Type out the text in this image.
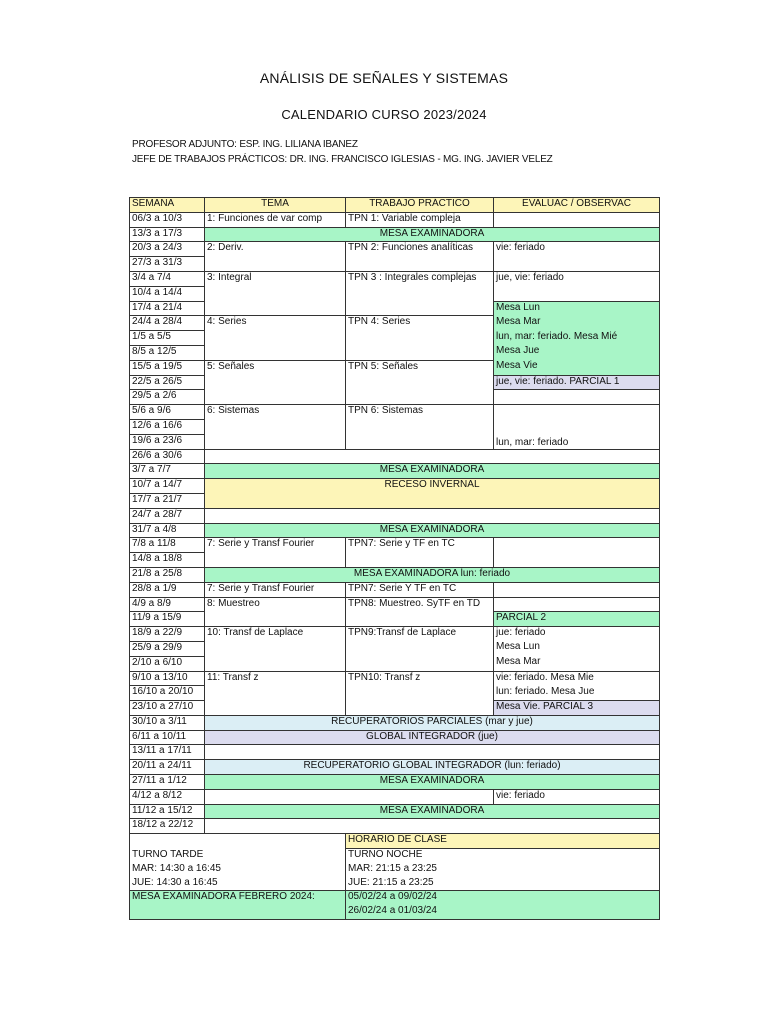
ANÁLISIS DE SEÑALES Y SISTEMAS
CALENDARIO CURSO 2023/2024
PROFESOR ADJUNTO: ESP. ING. LILIANA IBANEZ
JEFE DE TRABAJOS PRÁCTICOS: DR. ING. FRANCISCO IGLESIAS - MG. ING. JAVIER VELEZ
SEMANA	TEMA	TRABAJO PRÁCTICO	EVALUAC / OBSERVAC
06/3 a 10/3	1: Funciones de var comp	TPN 1: Variable compleja	
13/3 a 17/3	MESA EXAMINADORA		
20/3 a 24/3	2: Deriv.	TPN 2: Funciones analíticas	vie: feriado
27/3 a 31/3			
3/4 a 7/4	3: Integral	TPN 3 : Integrales complejas	jue, vie: feriado
10/4 a 14/4			
17/4 a 21/4			Mesa Lun
24/4 a 28/4	4: Series	TPN 4: Series	Mesa Mar
1/5 a 5/5			lun, mar: feriado. Mesa Mié
8/5 a 12/5			Mesa Jue
15/5 a 19/5	5: Señales	TPN 5: Señales	Mesa Vie
22/5 a 26/5			jue, vie: feriado. PARCIAL 1
29/5 a 2/6			
5/6 a 9/6	6: Sistemas	TPN 6: Sistemas	lun, mar: feriado
12/6 a 16/6			
19/6 a 23/6			
26/6 a 30/6			
3/7 a 7/7	MESA EXAMINADORA		
10/7 a 14/7	RECESO INVERNAL		
17/7 a 21/7			
24/7 a 28/7			
31/7 a 4/8	MESA EXAMINADORA		
7/8 a 11/8	7: Serie y Transf Fourier	TPN7: Serie y TF en TC	
14/8 a 18/8			
21/8 a 25/8	MESA EXAMINADORA lun: feriado		
28/8 a 1/9	7: Serie y Transf Fourier	TPN7: Serie Y TF en TC	
4/9 a 8/9	8: Muestreo	TPN8: Muestreo. SyTF en TD	
11/9 a 15/9			PARCIAL 2
18/9 a 22/9	10: Transf de Laplace	TPN9:Transf de Laplace	jue: feriado
25/9 a 29/9			Mesa Lun
2/10 a 6/10			Mesa Mar
9/10 a 13/10	11: Transf z	TPN10: Transf z	vie: feriado. Mesa Mie
16/10 a 20/10			lun: feriado. Mesa Jue
23/10 a 27/10			Mesa Vie. PARCIAL 3
30/10 a 3/11	RECUPERATORIOS PARCIALES (mar y jue)		
6/11 a 10/11	GLOBAL INTEGRADOR (jue)		
13/11 a 17/11			
20/11 a 24/11	RECUPERATORIO GLOBAL INTEGRADOR (lun: feriado)		
27/11 a 1/12	MESA EXAMINADORA		
4/12 a 8/12			vie: feriado
11/12 a 15/12	MESA EXAMINADORA		
18/12 a 22/12			
		HORARIO DE CLASE	
TURNO TARDE		TURNO NOCHE	
MAR: 14:30 a 16:45		MAR: 21:15 a 23:25	
JUE: 14:30 a 16:45		JUE: 21:15 a 23:25	
MESA EXAMINADORA FEBRERO 2024:		05/02/24 a 09/02/24	
		26/02/24 a 01/03/24	
